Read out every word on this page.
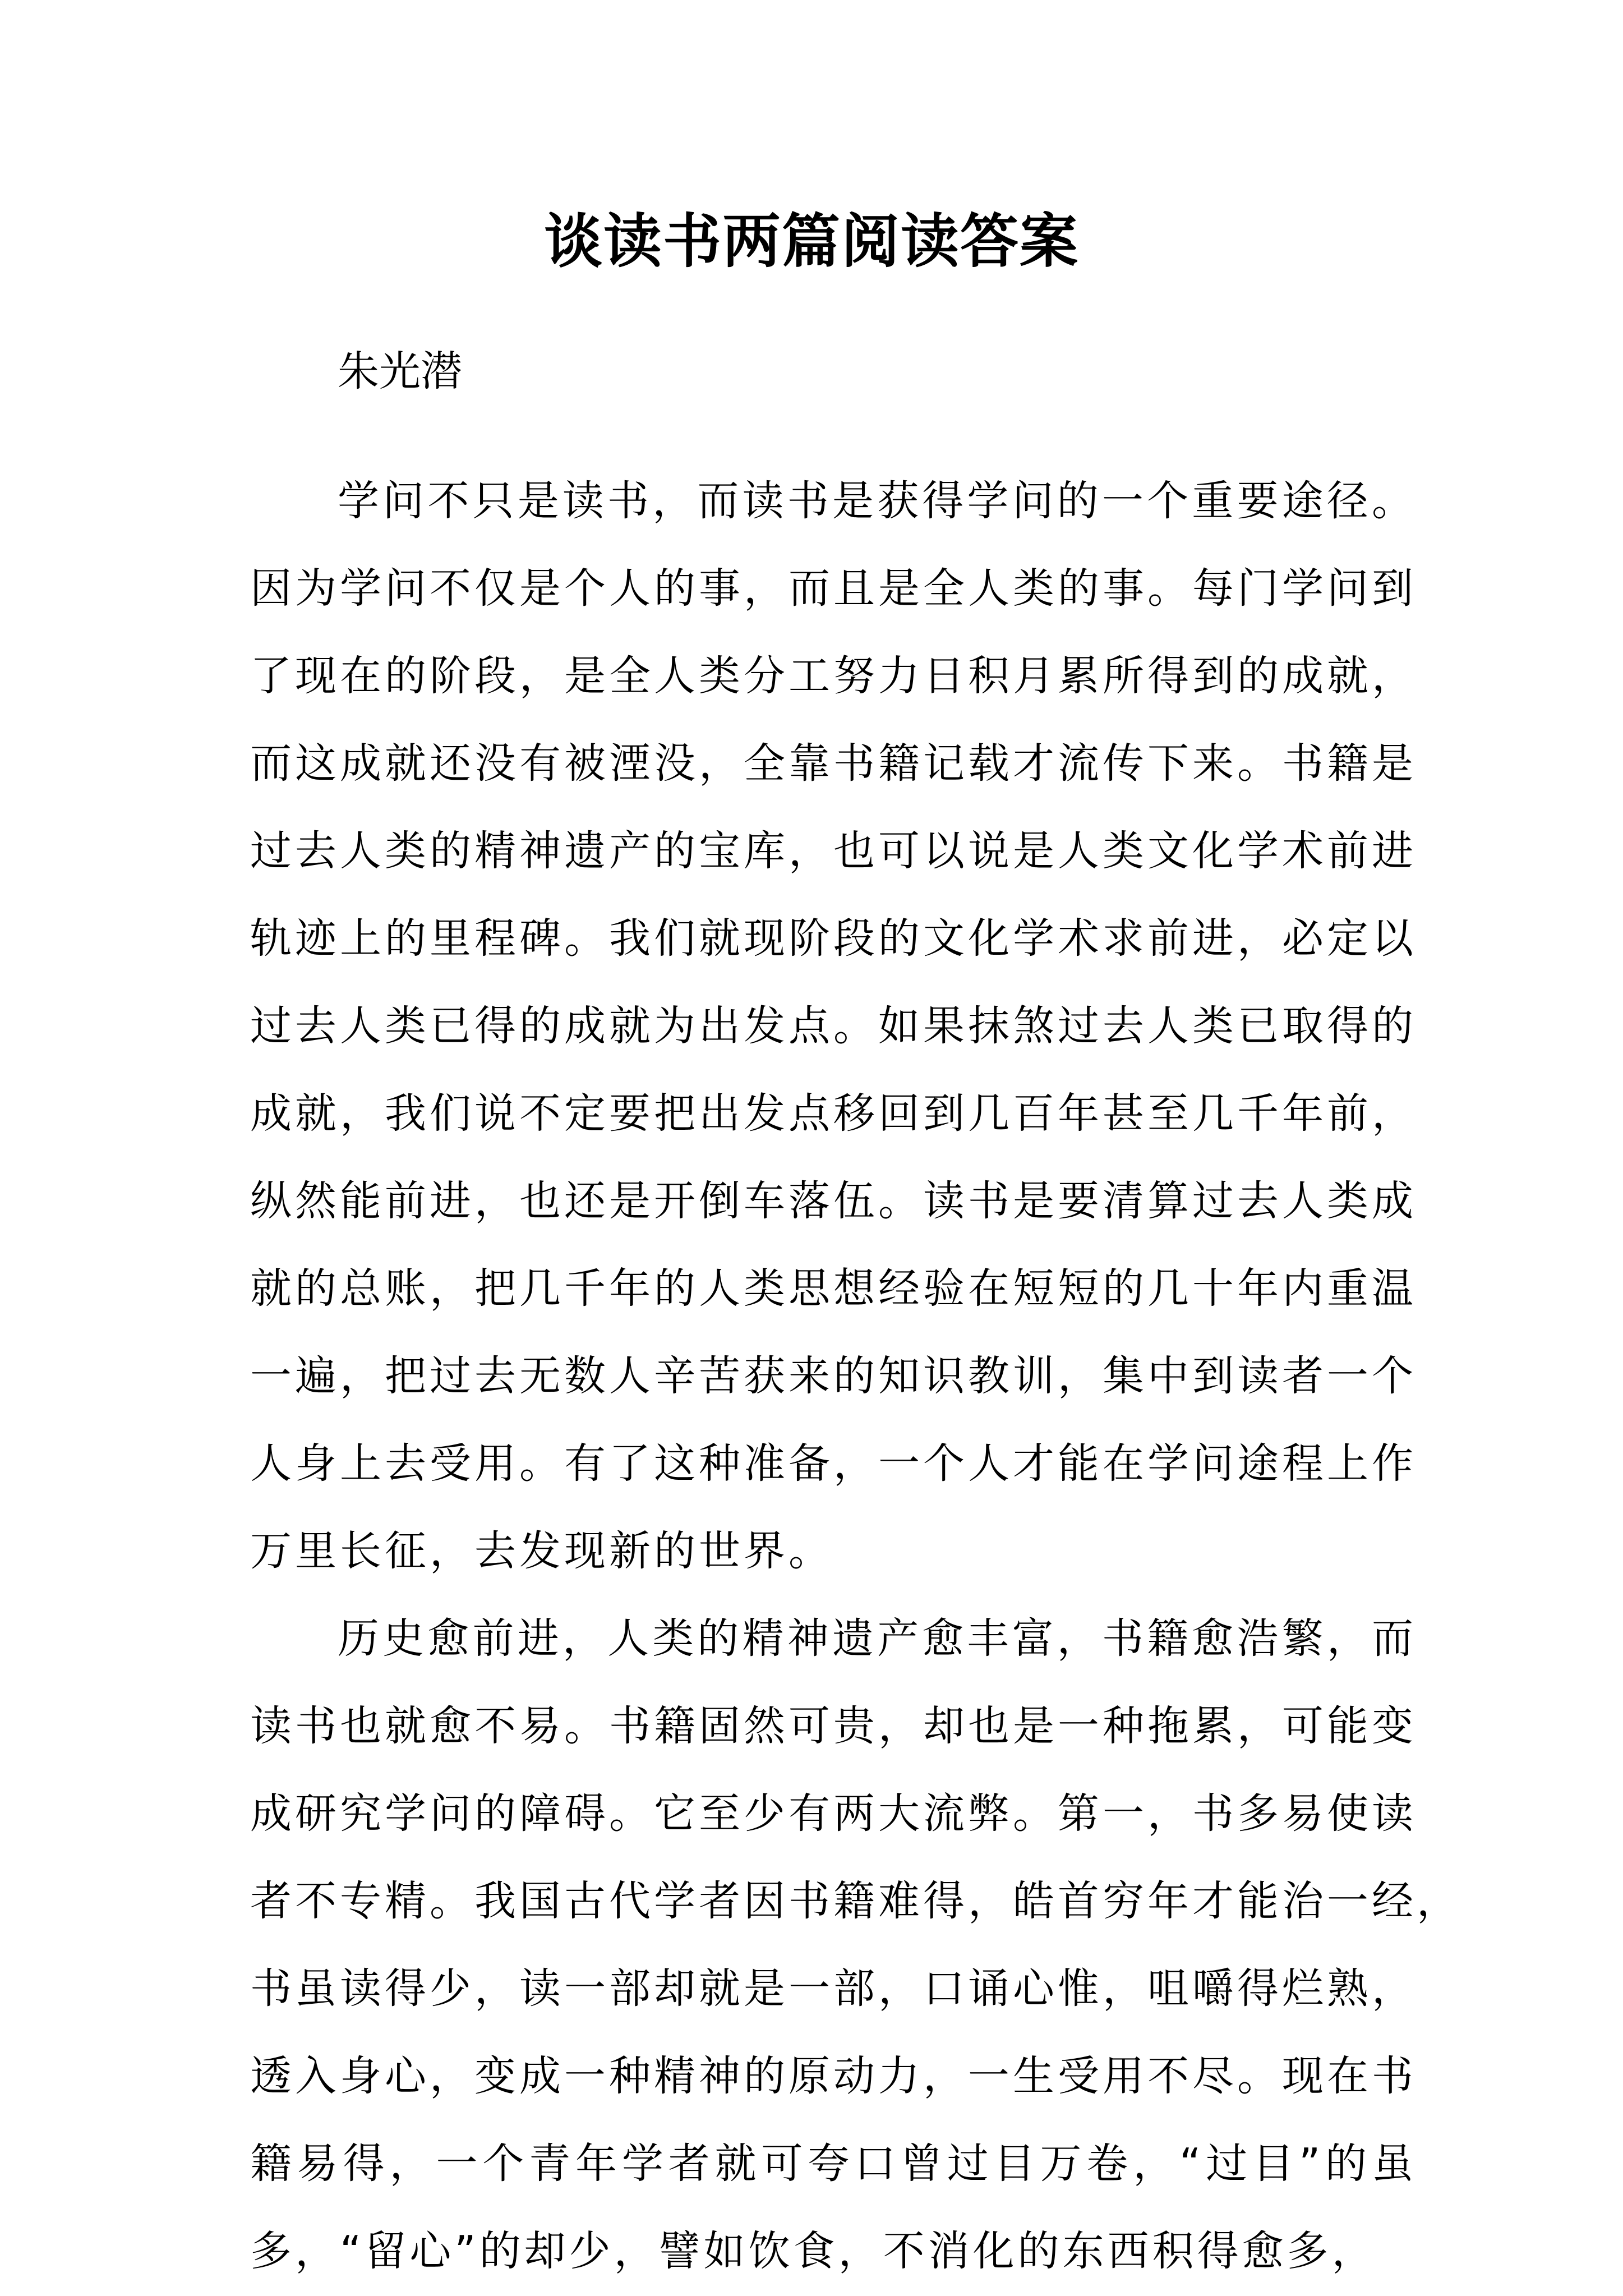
谈读书两篇阅读答案

朱光潜

学问不只是读书，而读书是获得学问的一个重要途径。
因为学问不仅是个人的事，而且是全人类的事。每门学问到
了现在的阶段，是全人类分工努力日积月累所得到的成就，
而这成就还没有被湮没，全靠书籍记载才流传下来。书籍是
过去人类的精神遗产的宝库，也可以说是人类文化学术前进
轨迹上的里程碑。我们就现阶段的文化学术求前进，必定以
过去人类已得的成就为出发点。如果抹煞过去人类已取得的
成就，我们说不定要把出发点移回到几百年甚至几千年前，
纵然能前进，也还是开倒车落伍。读书是要清算过去人类成
就的总账，把几千年的人类思想经验在短短的几十年内重温
一遍，把过去无数人辛苦获来的知识教训，集中到读者一个
人身上去受用。有了这种准备，一个人才能在学问途程上作
万里长征，去发现新的世界。
历史愈前进，人类的精神遗产愈丰富，书籍愈浩繁，而
读书也就愈不易。书籍固然可贵，却也是一种拖累，可能变
成研究学问的障碍。它至少有两大流弊。第一，书多易使读
者不专精。我国古代学者因书籍难得，皓首穷年才能治一经，
书虽读得少，读一部却就是一部，口诵心惟，咀嚼得烂熟，
透入身心，变成一种精神的原动力，一生受用不尽。现在书
籍易得，一个青年学者就可夸口曾过目万卷，“过目”的虽
多，“留心”的却少，譬如饮食，不消化的东西积得愈多，
